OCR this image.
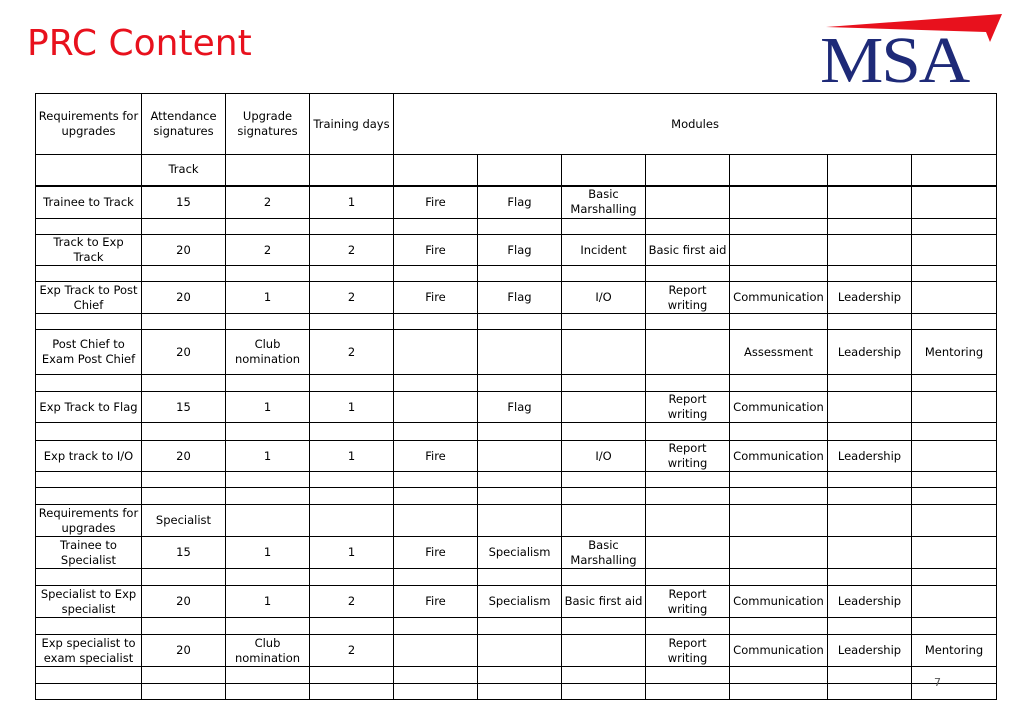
PRC Content	MSA
Requirements for upgrades	Attendance signatures	Upgrade signatures	Training days	Modules						
	Track									
Trainee to Track	15	2	1	Fire	Flag	Basic Marshalling				

Track to Exp Track	20	2	2	Fire	Flag	Incident	Basic first aid			

Exp Track to Post Chief	20	1	2	Fire	Flag	I/O	Report writing	Communication	Leadership	

Post Chief to Exam Post Chief	20	Club nomination	2					Assessment	Leadership	Mentoring

Exp Track to Flag	15	1	1		Flag		Report writing	Communication		

Exp track to I/O	20	1	1	Fire		I/O	Report writing	Communication	Leadership	

Requirements for upgrades	Specialist									
Trainee to Specialist	15	1	1	Fire	Specialism	Basic Marshalling				

Specialist to Exp specialist	20	1	2	Fire	Specialism	Basic first aid	Report writing	Communication	Leadership	

Exp specialist to exam specialist	20	Club nomination	2				Report writing	Communication	Leadership	Mentoring

7
